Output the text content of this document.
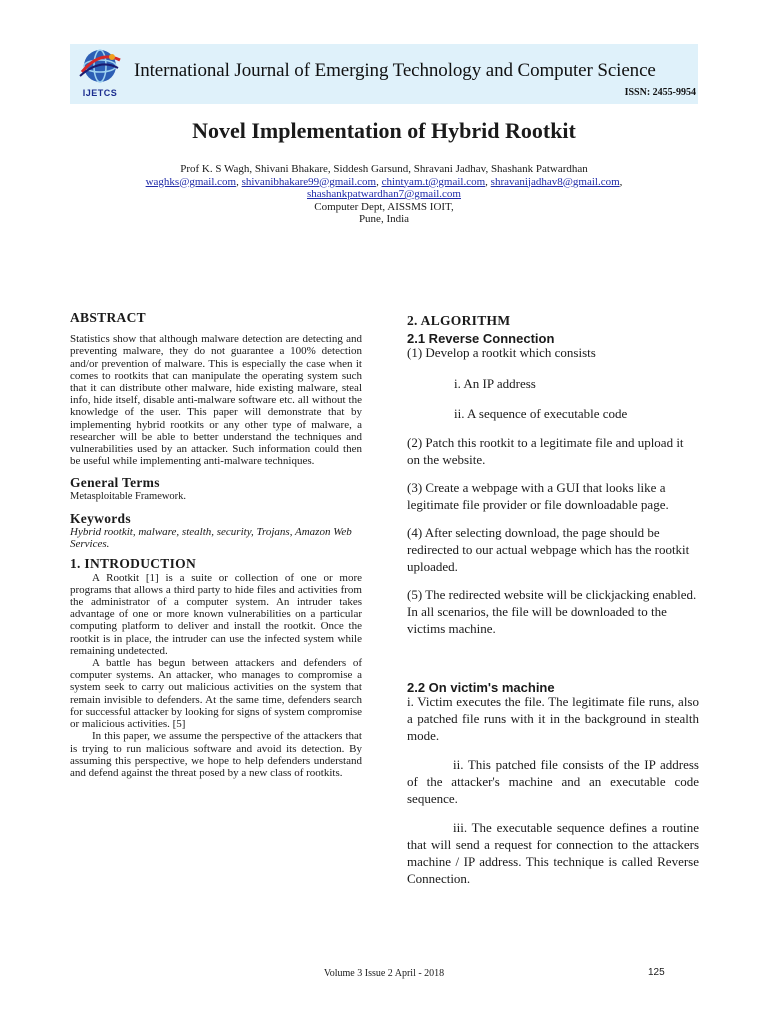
IJETCS
International Journal of Emerging Technology and Computer Science
ISSN: 2455-9954
Novel Implementation of Hybrid Rootkit
Prof K. S Wagh, Shivani Bhakare, Siddesh Garsund, Shravani Jadhav, Shashank Patwardhan
waghks@gmail.com, shivanibhakare99@gmail.com, chintyam.t@gmail.com, shravanijadhav8@gmail.com,
shashankpatwardhan7@gmail.com
Computer Dept, AISSMS IOIT,
Pune, India
ABSTRACT

Statistics show that although malware detection are detecting and preventing malware, they do not guarantee a 100% detection and/or prevention of malware. This is especially the case when it comes to rootkits that can manipulate the operating system such that it can distribute other malware, hide existing malware, steal info, hide itself, disable anti-malware software etc. all without the knowledge of the user. This paper will demonstrate that by implementing hybrid rootkits or any other type of malware, a researcher will be able to better understand the techniques and vulnerabilities used by an attacker. Such information could then be useful while implementing anti-malware techniques.

General Terms

Metasploitable Framework.

Keywords

Hybrid rootkit, malware, stealth, security, Trojans, Amazon Web Services.

1. INTRODUCTION

A Rootkit [1] is a suite or collection of one or more programs that allows a third party to hide files and activities from the administrator of a computer system. An intruder takes advantage of one or more known vulnerabilities on a particular computing platform to deliver and install the rootkit. Once the rootkit is in place, the intruder can use the infected system while remaining undetected.

A battle has begun between attackers and defenders of computer systems. An attacker, who manages to compromise a system seek to carry out malicious activities on the system that remain invisible to defenders. At the same time, defenders search for successful attacker by looking for signs of system compromise or malicious activities. [5]

In this paper, we assume the perspective of the attackers that is trying to run malicious software and avoid its detection. By assuming this perspective, we hope to help defenders understand and defend against the threat posed by a new class of rootkits.

2. ALGORITHM
2.1 Reverse Connection

(1) Develop a rootkit which consists

i. An IP address

ii. A sequence of executable code

(2) Patch this rootkit to a legitimate file and upload it on the website.

(3) Create a webpage with a GUI that looks like a legitimate file provider or file downloadable page.

(4) After selecting download, the page should be redirected to our actual webpage which has the rootkit uploaded.

(5) The redirected website will be clickjacking enabled. In all scenarios, the file will be downloaded to the victims machine.

2.2 On victim's machine

i. Victim executes the file. The legitimate file runs, also a patched file runs with it in the background in stealth mode.

ii. This patched file consists of the IP address of the attacker's machine and an executable code sequence.

iii. The executable sequence defines a routine that will send a request for connection to the attackers machine / IP address. This technique is called Reverse Connection.

Volume 3 Issue 2 April - 2018	125
